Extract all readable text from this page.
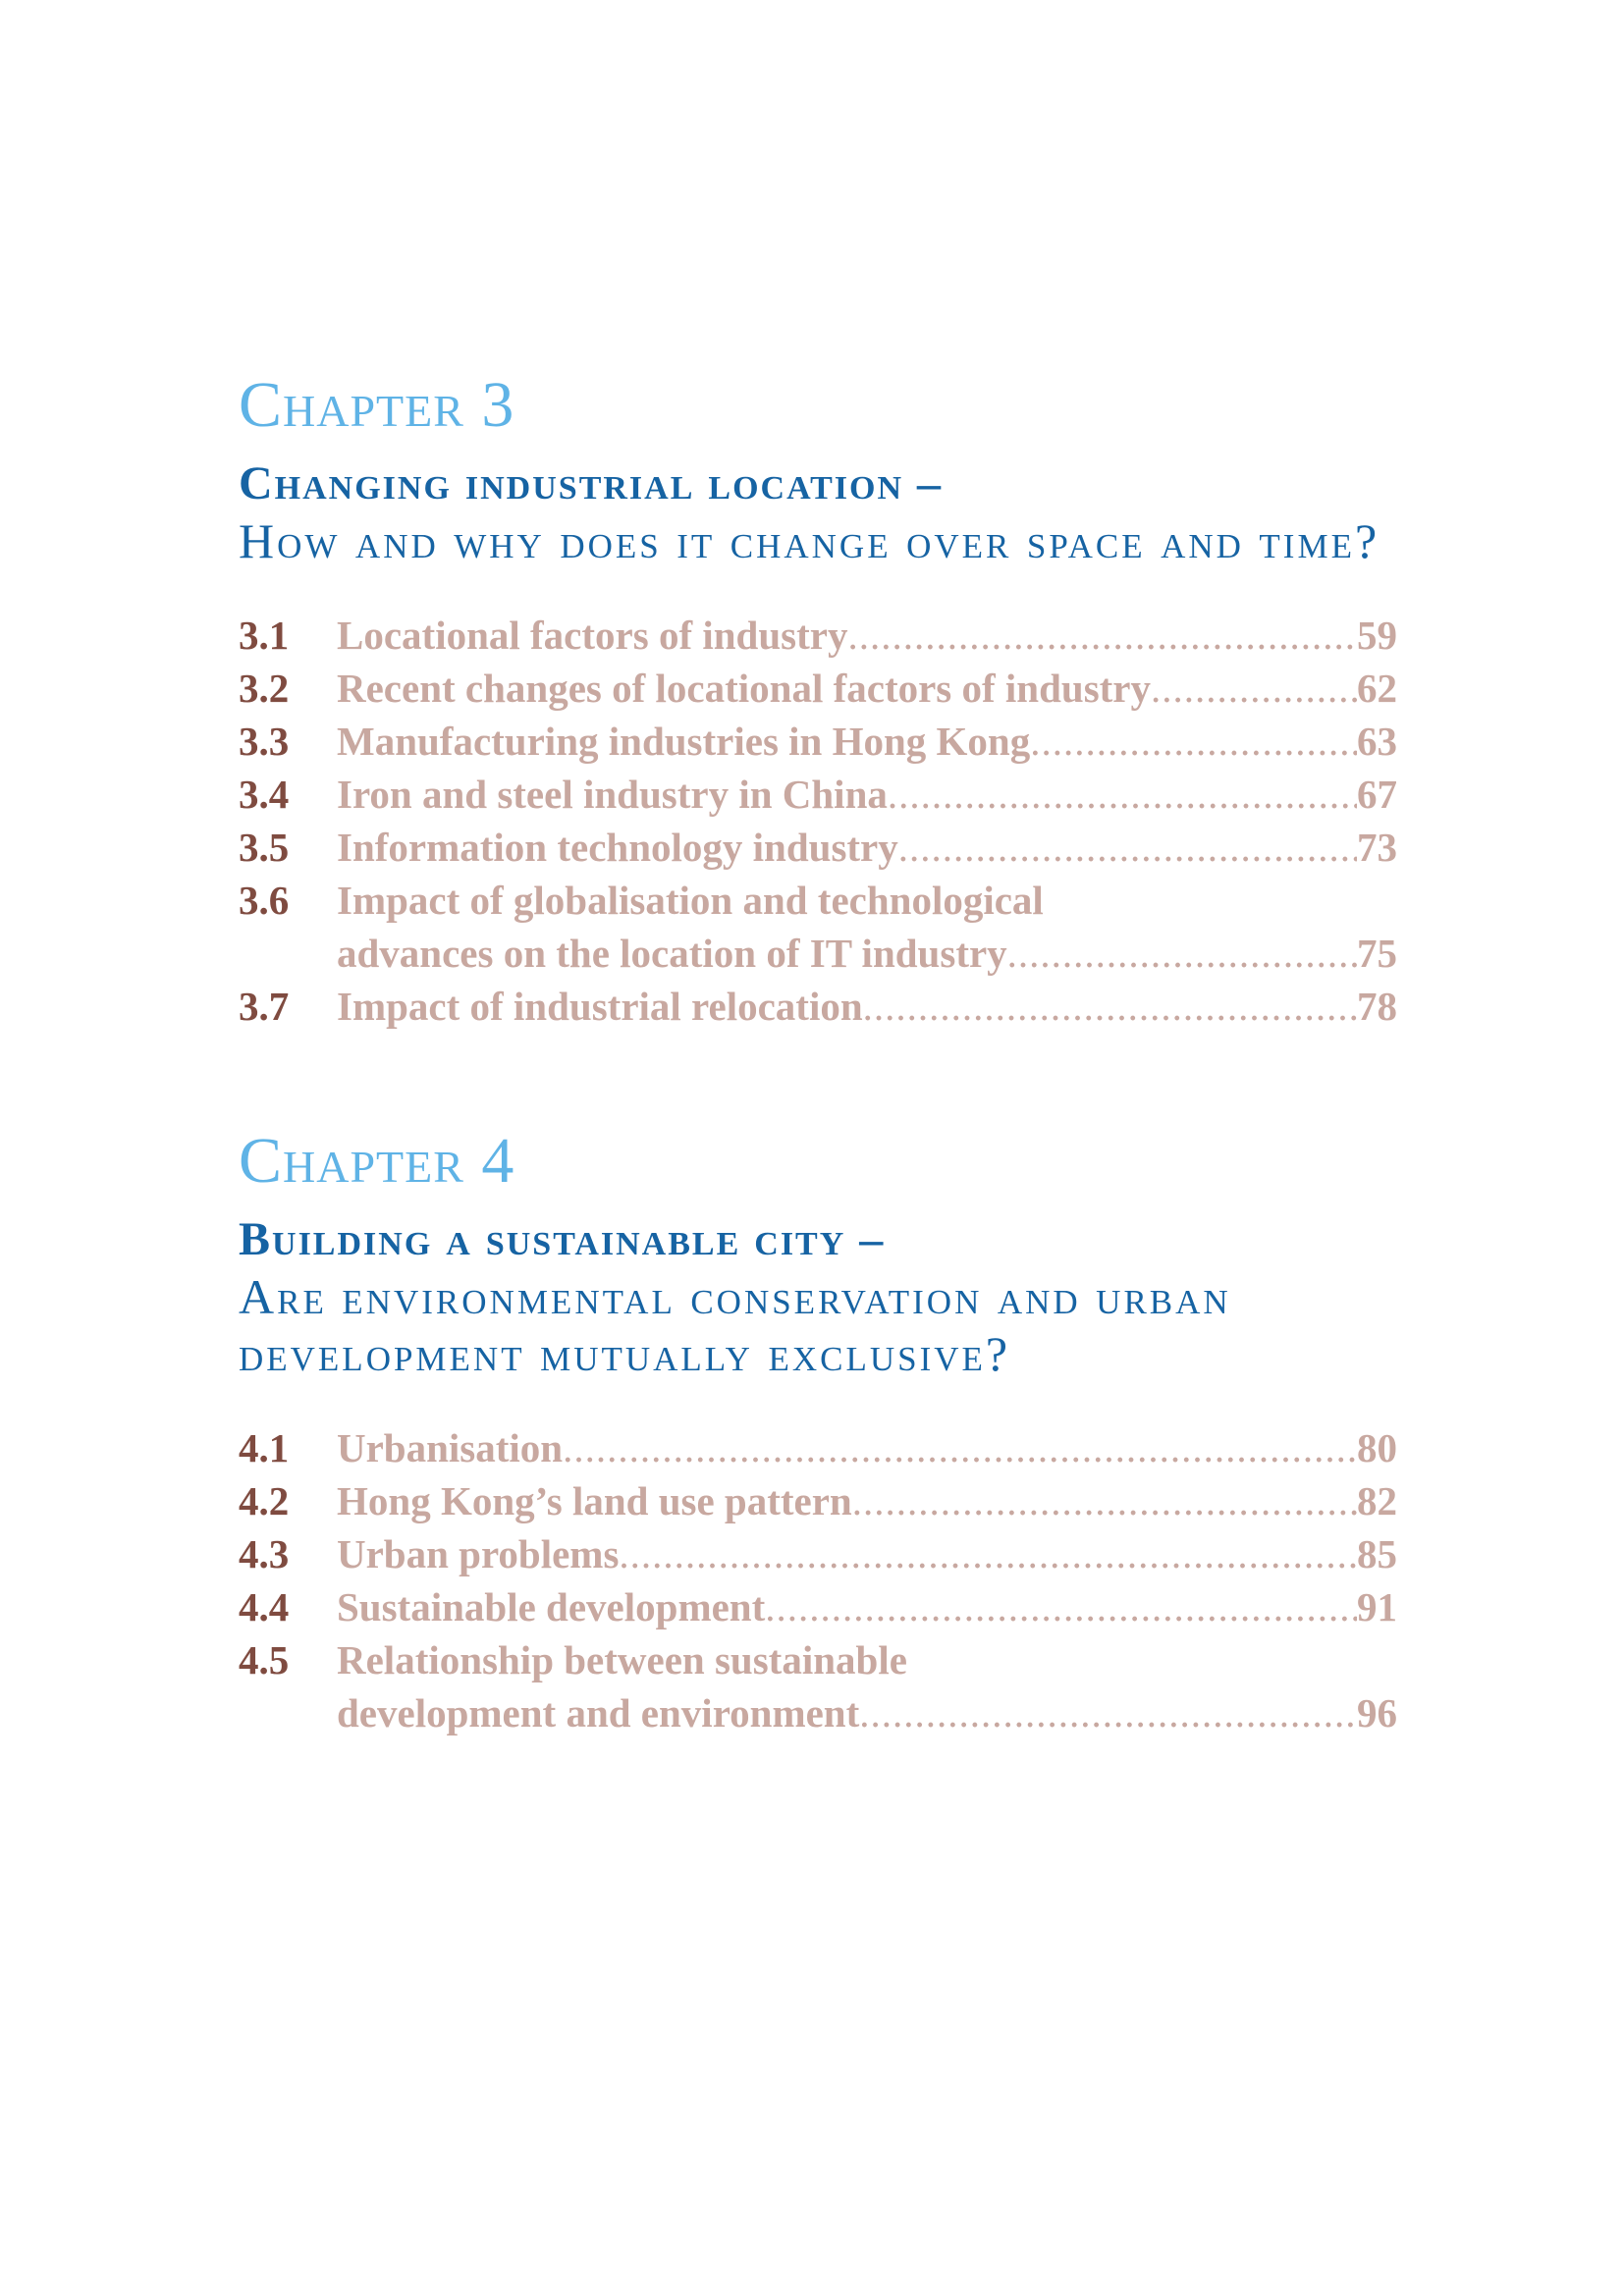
Chapter 3
Changing industrial location –
How and why does it change over space and time?
3.1	Locational factors of industry .....	59
3.2	Recent changes of locational factors of industry .....	62
3.3	Manufacturing industries in Hong Kong .....	63
3.4	Iron and steel industry in China .....	67
3.5	Information technology industry .....	73
3.6	Impact of globalisation and technological
advances on the location of IT industry .....	75
3.7	Impact of industrial relocation .....	78
Chapter 4
Building a sustainable city –
Are environmental conservation and urban development mutually exclusive?
4.1	Urbanisation .....	80
4.2	Hong Kong’s land use pattern .....	82
4.3	Urban problems .....	85
4.4	Sustainable development .....	91
4.5	Relationship between sustainable
development and environment .....	96
